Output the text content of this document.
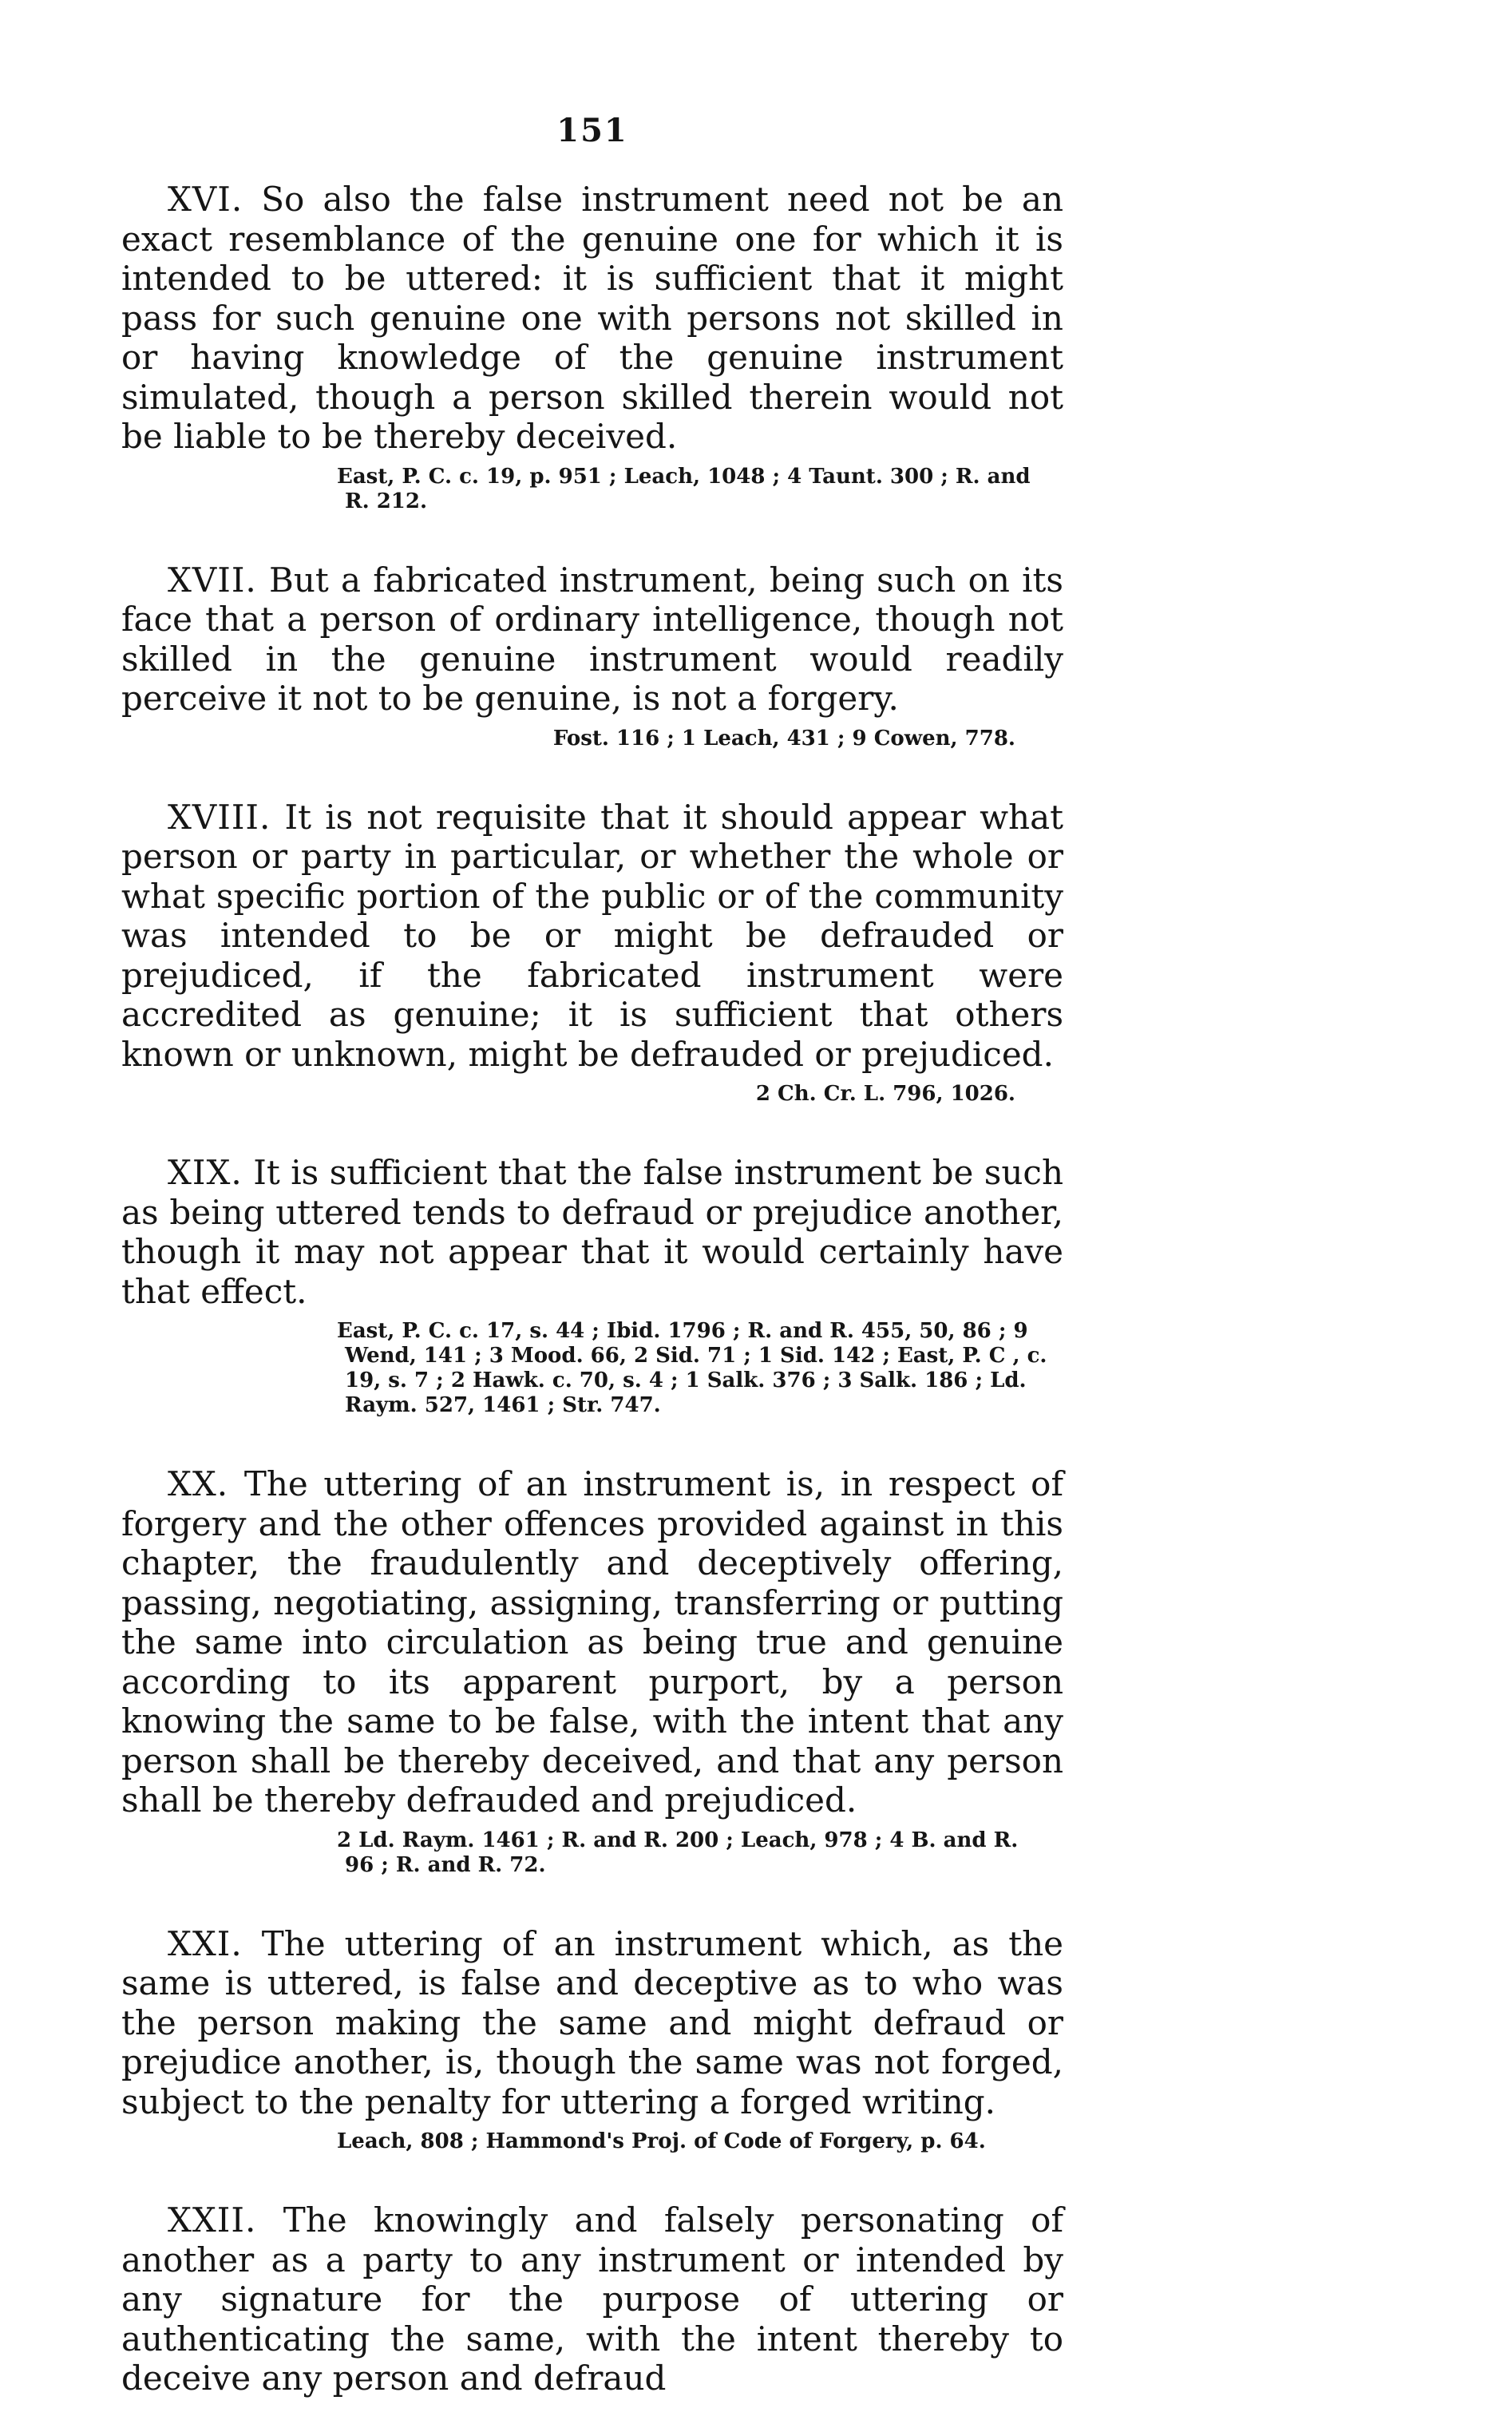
151

XVI. So also the false instrument need not be an exact resemblance of the genuine one for which it is intended to be uttered: it is sufficient that it might pass for such genuine one with persons not skilled in or having knowledge of the genuine instrument simulated, though a person skilled therein would not be liable to be thereby deceived.

East, P. C. c. 19, p. 951 ; Leach, 1048 ; 4 Taunt. 300 ; R. and R. 212.

XVII. But a fabricated instrument, being such on its face that a person of ordinary intelligence, though not skilled in the genuine instrument would readily perceive it not to be genuine, is not a forgery.

Fost. 116 ; 1 Leach, 431 ; 9 Cowen, 778.

XVIII. It is not requisite that it should appear what person or party in particular, or whether the whole or what specific portion of the public or of the community was intended to be or might be defrauded or prejudiced, if the fabricated instrument were accredited as genuine; it is sufficient that others known or unknown, might be defrauded or prejudiced.

2 Ch. Cr. L. 796, 1026.

XIX. It is sufficient that the false instrument be such as being uttered tends to defraud or prejudice another, though it may not appear that it would certainly have that effect.

East, P. C. c. 17, s. 44 ; Ibid. 1796 ; R. and R. 455, 50, 86 ; 9 Wend, 141 ; 3 Mood. 66, 2 Sid. 71 ; 1 Sid. 142 ; East, P. C , c. 19, s. 7 ; 2 Hawk. c. 70, s. 4 ; 1 Salk. 376 ; 3 Salk. 186 ; Ld. Raym. 527, 1461 ; Str. 747.

XX. The uttering of an instrument is, in respect of forgery and the other offences provided against in this chapter, the fraudulently and deceptively offering, passing, negotiating, assigning, transferring or putting the same into circulation as being true and genuine according to its apparent purport, by a person knowing the same to be false, with the intent that any person shall be thereby deceived, and that any person shall be thereby defrauded and prejudiced.

2 Ld. Raym. 1461 ; R. and R. 200 ; Leach, 978 ; 4 B. and R. 96 ; R. and R. 72.

XXI. The uttering of an instrument which, as the same is uttered, is false and deceptive as to who was the person making the same and might defraud or prejudice another, is, though the same was not forged, subject to the penalty for uttering a forged writing.

Leach, 808 ; Hammond's Proj. of Code of Forgery, p. 64.

XXII. The knowingly and falsely personating of another as a party to any instrument or intended by any signature for the purpose of uttering or authenticating the same, with the intent thereby to deceive any person and defraud
